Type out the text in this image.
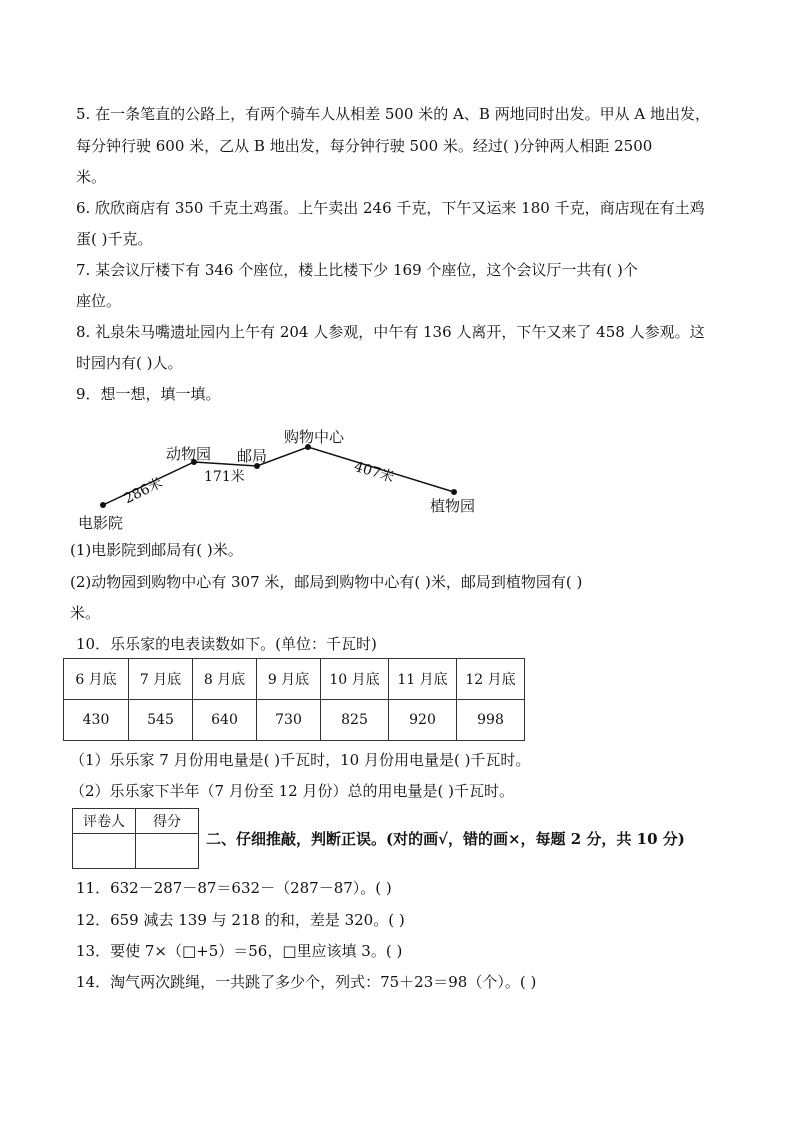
5. 在一条笔直的公路上，有两个骑车人从相差 500 米的 A、B 两地同时出发。甲从 A 地出发，
每分钟行驶 600 米，乙从 B 地出发，每分钟行驶 500 米。经过( )分钟两人相距 2500
米。
6. 欣欣商店有 350 千克土鸡蛋。上午卖出 246 千克，下午又运来 180 千克，商店现在有土鸡
蛋( )千克。
7. 某会议厅楼下有 346 个座位，楼上比楼下少 169 个座位，这个会议厅一共有( )个
座位。
8. 礼泉朱马嘴遗址园内上午有 204 人参观，中午有 136 人离开，下午又来了 458 人参观。这
时园内有( )人。
9．想一想，填一填。
电影院
动物园 邮局
购物中心
植物园
286米	171米	407米
(1)电影院到邮局有( )米。
(2)动物园到购物中心有 307 米，邮局到购物中心有( )米，邮局到植物园有( )
米。
10．乐乐家的电表读数如下。(单位：千瓦时)
6 月底	7 月底	8 月底	9 月底	10 月底	11 月底	12 月底
430	545	640	730	825	920	998
（1）乐乐家 7 月份用电量是( )千瓦时，10 月份用电量是( )千瓦时。
（2）乐乐家下半年（7 月份至 12 月份）总的用电量是( )千瓦时。
评卷人	得分

二、仔细推敲，判断正误。(对的画√，错的画×，每题 2 分，共 10 分)
11．632－287－87＝632－（287－87）。( )
12．659 减去 139 与 218 的和，差是 320。( )
13．要使 7×（□+5）＝56，□里应该填 3。( )
14．淘气两次跳绳，一共跳了多少个，列式：75＋23＝98（个）。( )
